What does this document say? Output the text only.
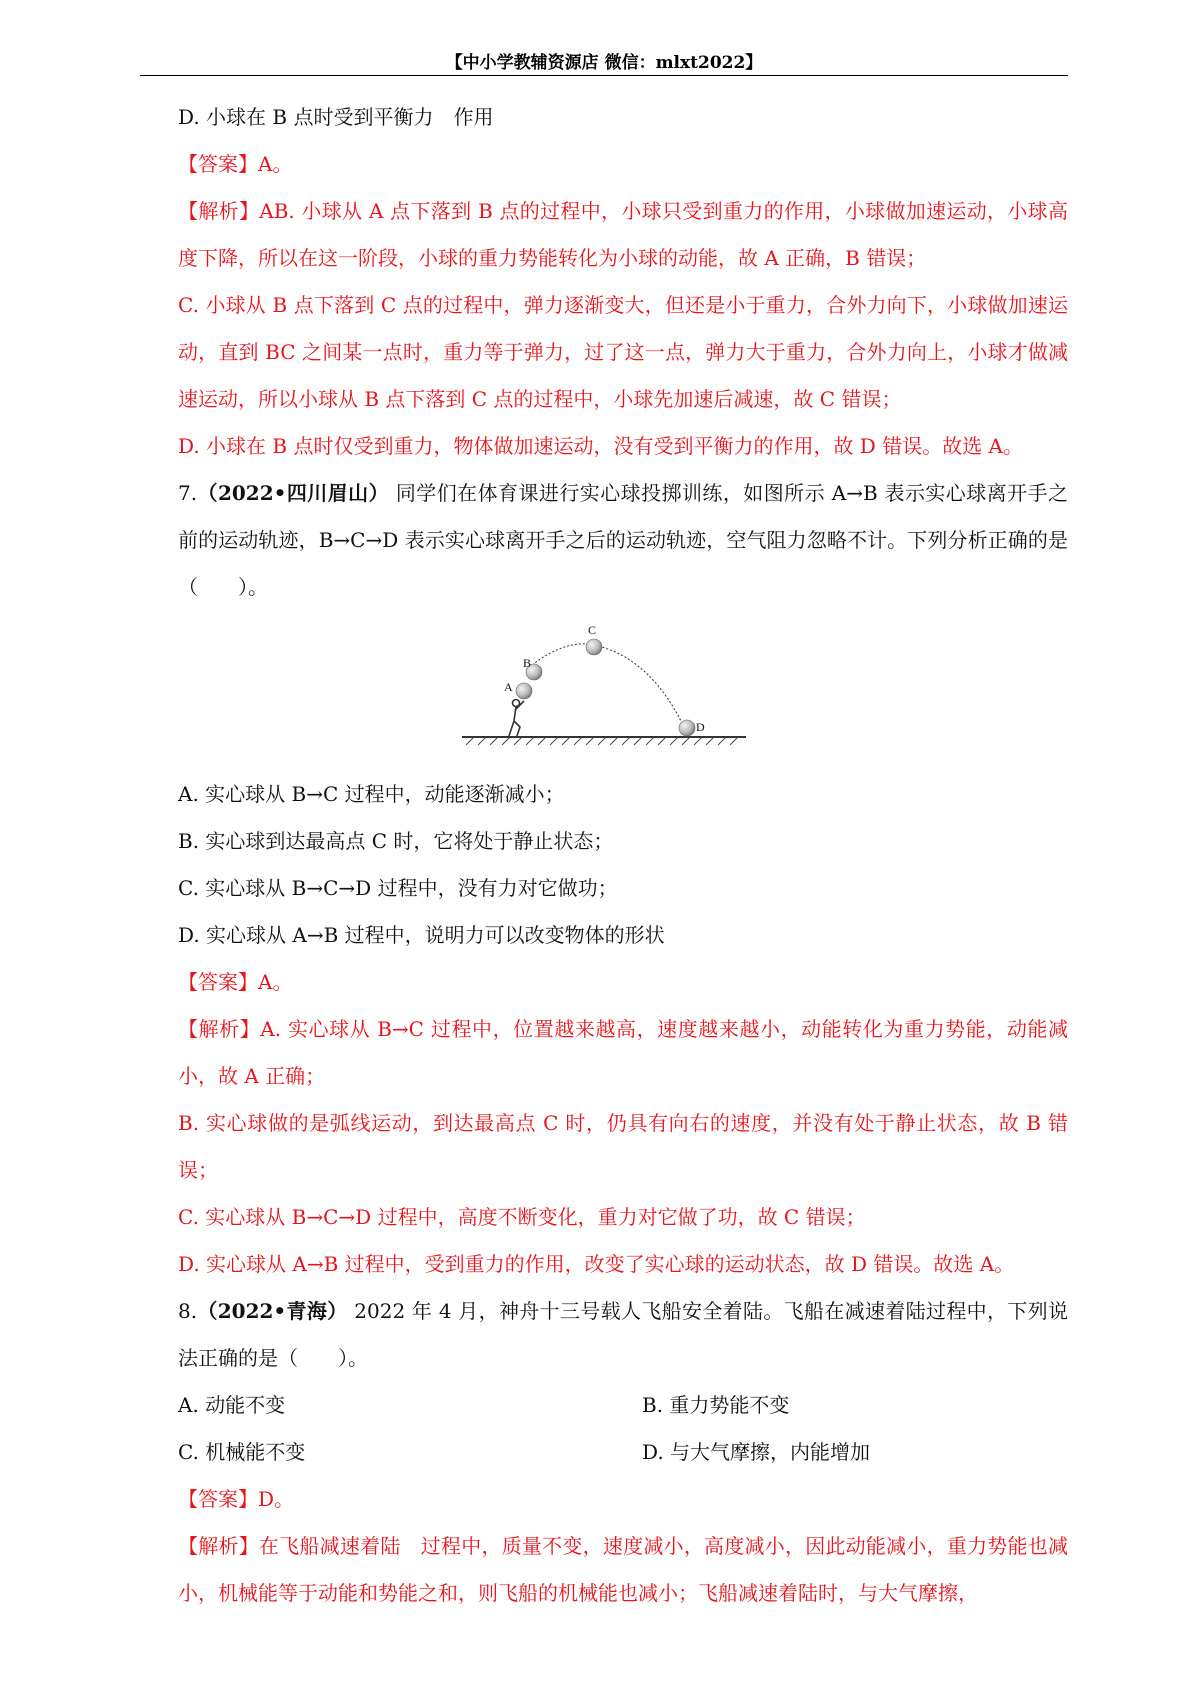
【中小学教辅资源店 微信：mlxt2022】

D. 小球在 B 点时受到平衡力　作用

【答案】A。

【解析】AB. 小球从 A 点下落到 B 点的过程中，小球只受到重力的作用，小球做加速运动，小球高度下降，所以在这一阶段，小球的重力势能转化为小球的动能，故 A 正确，B 错误；

C. 小球从 B 点下落到 C 点的过程中，弹力逐渐变大，但还是小于重力，合外力向下，小球做加速运动，直到 BC 之间某一点时，重力等于弹力，过了这一点，弹力大于重力，合外力向上，小球才做减速运动，所以小球从 B 点下落到 C 点的过程中，小球先加速后减速，故 C 错误；

D. 小球在 B 点时仅受到重力，物体做加速运动，没有受到平衡力的作用，故 D 错误。故选 A。

7.（2022•四川眉山） 同学们在体育课进行实心球投掷训练，如图所示 A→B 表示实心球离开手之前的运动轨迹，B→C→D 表示实心球离开手之后的运动轨迹，空气阻力忽略不计。下列分析正确的是（　　）。

A
B
C
D

A. 实心球从 B→C 过程中，动能逐渐减小；

B. 实心球到达最高点 C 时，它将处于静止状态；

C. 实心球从 B→C→D 过程中，没有力对它做功；

D. 实心球从 A→B 过程中，说明力可以改变物体的形状

【答案】A。

【解析】A. 实心球从 B→C 过程中，位置越来越高，速度越来越小，动能转化为重力势能，动能减小，故 A 正确；

B. 实心球做的是弧线运动，到达最高点 C 时，仍具有向右的速度，并没有处于静止状态，故 B 错误；

C. 实心球从 B→C→D 过程中，高度不断变化，重力对它做了功，故 C 错误；

D. 实心球从 A→B 过程中，受到重力的作用，改变了实心球的运动状态，故 D 错误。故选 A。

8.（2022•青海） 2022 年 4 月，神舟十三号载人飞船安全着陆。飞船在减速着陆过程中，下列说法正确的是（　　）。

A. 动能不变	B. 重力势能不变

C. 机械能不变	D. 与大气摩擦，内能增加

【答案】D。

【解析】在飞船减速着陆　过程中，质量不变，速度减小，高度减小，因此动能减小，重力势能也减小，机械能等于动能和势能之和，则飞船的机械能也减小；飞船减速着陆时，与大气摩擦，
